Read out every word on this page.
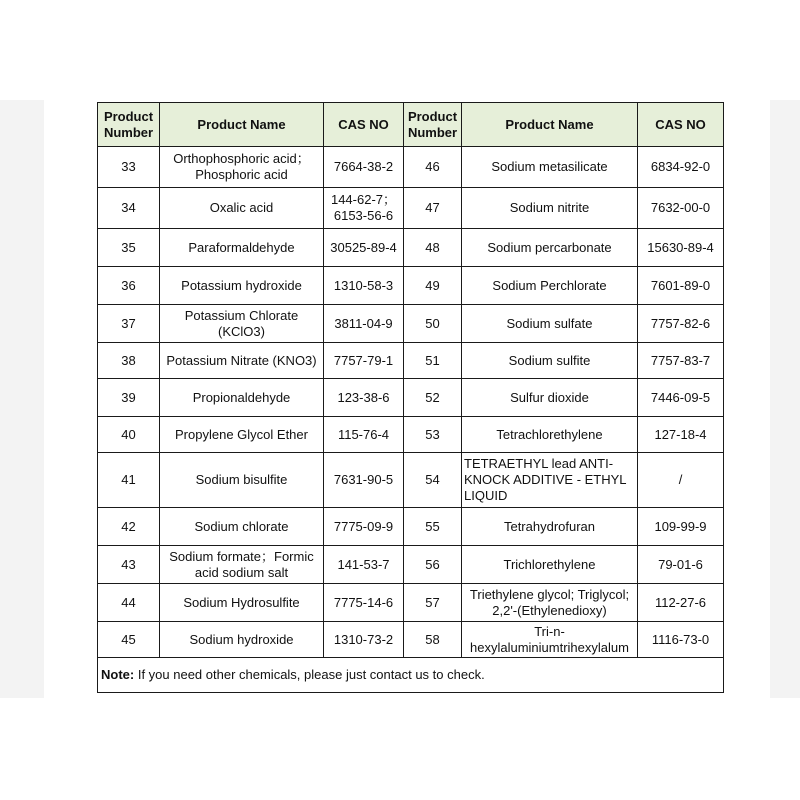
Product Number	Product Name	CAS NO	Product Number	Product Name	CAS NO
33	Orthophosphoric acid；Phosphoric acid	7664-38-2	46	Sodium metasilicate	6834-92-0
34	Oxalic acid	144-62-7；6153-56-6	47	Sodium nitrite	7632-00-0
35	Paraformaldehyde	30525-89-4	48	Sodium percarbonate	15630-89-4
36	Potassium hydroxide	1310-58-3	49	Sodium Perchlorate	7601-89-0
37	Potassium Chlorate (KClO3)	3811-04-9	50	Sodium sulfate	7757-82-6
38	Potassium Nitrate (KNO3)	7757-79-1	51	Sodium sulfite	7757-83-7
39	Propionaldehyde	123-38-6	52	Sulfur dioxide	7446-09-5
40	Propylene Glycol Ether	115-76-4	53	Tetrachlorethylene	127-18-4
41	Sodium bisulfite	7631-90-5	54	TETRAETHYL lead ANTI-KNOCK ADDITIVE - ETHYL LIQUID	/
42	Sodium chlorate	7775-09-9	55	Tetrahydrofuran	109-99-9
43	Sodium formate；Formic acid sodium salt	141-53-7	56	Trichlorethylene	79-01-6
44	Sodium Hydrosulfite	7775-14-6	57	Triethylene glycol; Triglycol; 2,2'-(Ethylenedioxy)	112-27-6
45	Sodium hydroxide	1310-73-2	58	Tri-n-hexylaluminiumtrihexylalum	1116-73-0
Note: If you need other chemicals, please just contact us to check.					
